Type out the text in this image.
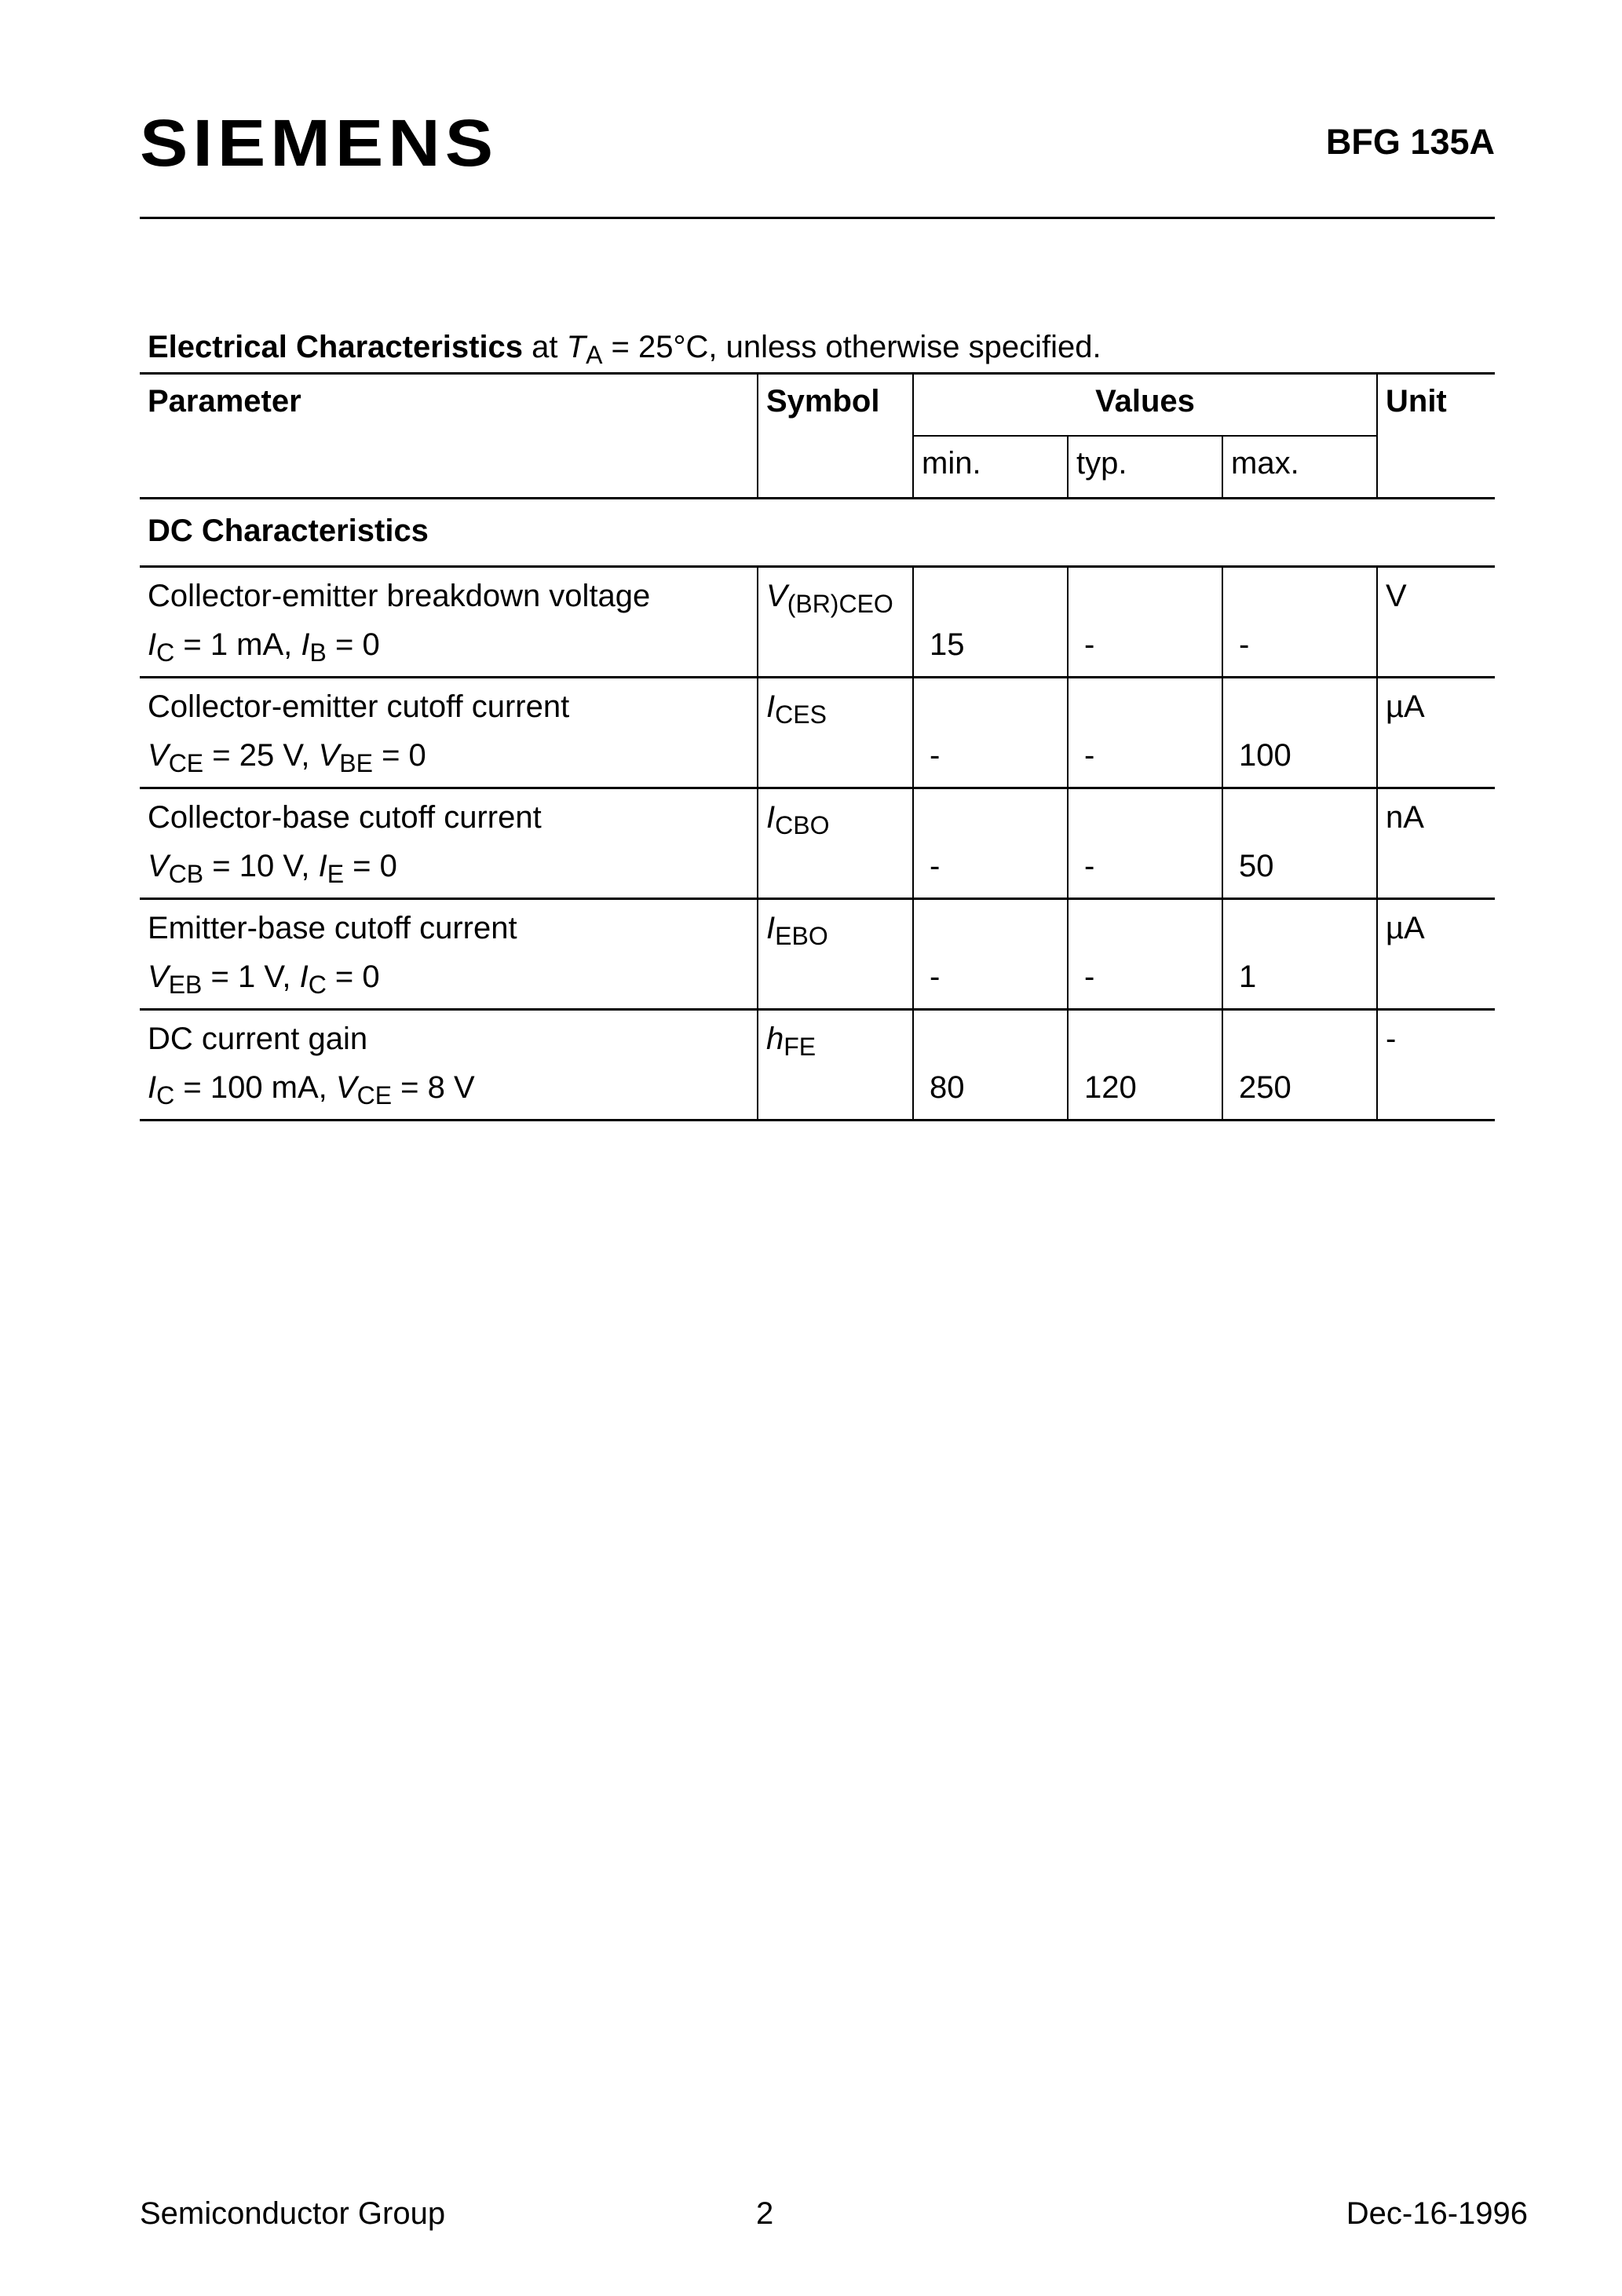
SIEMENS	BFG 135A
Electrical Characteristics at $T_A = 25^\circ C$, unless otherwise specified.
Parameter	Symbol	Values			Unit
		min.	typ.	max.	
DC Characteristics					
Collector-emitter breakdown voltage	$V_{(BR)CEO}$				V
$I_C = 1$ mA, $I_B = 0$		15	-	-	
Collector-emitter cutoff current	$I_{CES}$				µA
$V_{CE} = 25$ V, $V_{BE} = 0$		-	-	100	
Collector-base cutoff current	$I_{CBO}$				nA
$V_{CB} = 10$ V, $I_E = 0$		-	-	50	
Emitter-base cutoff current	$I_{EBO}$				µA
$V_{EB} = 1$ V, $I_C = 0$		-	-	1	
DC current gain	$h_{FE}$				-
$I_C = 100$ mA, $V_{CE} = 8$ V		80	120	250	
Semiconductor Group	2	Dec-16-1996
